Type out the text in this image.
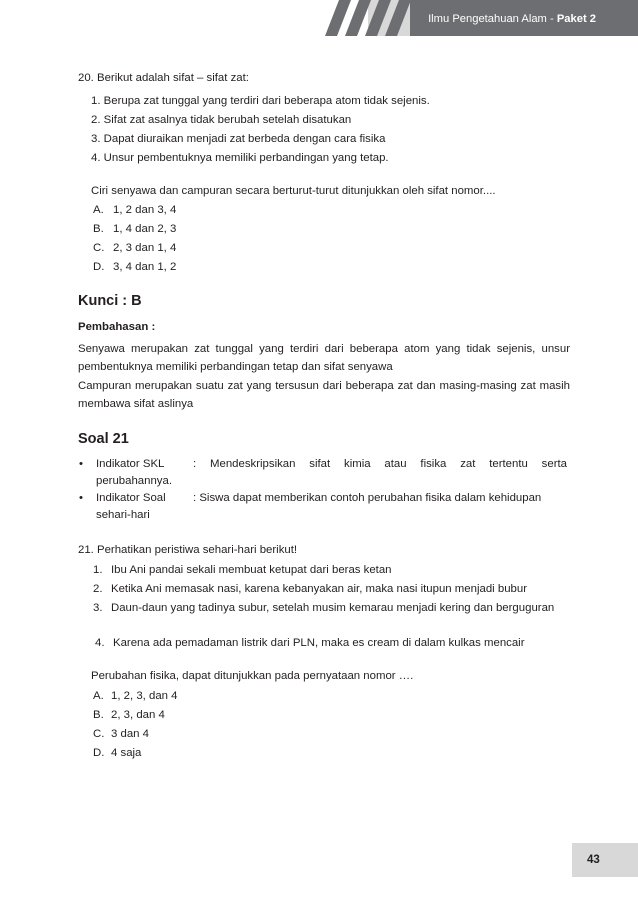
Ilmu Pengetahuan Alam - Paket 2
20. Berikut adalah sifat – sifat zat:
1. Berupa zat tunggal yang terdiri dari beberapa atom tidak sejenis.
2. Sifat zat asalnya tidak berubah setelah disatukan
3. Dapat diuraikan menjadi zat berbeda dengan cara fisika
4. Unsur pembentuknya memiliki perbandingan yang tetap.
Ciri senyawa dan campuran secara berturut-turut ditunjukkan oleh sifat nomor....
A. 1, 2 dan 3, 4
B. 1, 4 dan 2, 3
C. 2, 3 dan 1, 4
D. 3, 4 dan 1, 2
Kunci : B
Pembahasan :
Senyawa merupakan zat tunggal yang terdiri dari beberapa atom yang tidak sejenis, unsur pembentuknya memiliki perbandingan tetap dan sifat senyawa
Campuran merupakan suatu zat yang tersusun dari beberapa zat dan masing-masing zat masih membawa sifat aslinya
Soal 21
• Indikator SKL	: Mendeskripsikan sifat kimia atau fisika zat tertentu serta
perubahannya.
• Indikator Soal : Siswa dapat memberikan contoh perubahan fisika dalam kehidupan
sehari-hari
21. Perhatikan peristiwa sehari-hari berikut!
1. Ibu Ani pandai sekali membuat ketupat dari beras ketan
2. Ketika Ani memasak nasi, karena kebanyakan air, maka nasi itupun menjadi bubur
3. Daun-daun yang tadinya subur, setelah musim kemarau menjadi kering dan berguguran
4. Karena ada pemadaman listrik dari PLN, maka es cream di dalam kulkas mencair
Perubahan fisika, dapat ditunjukkan pada pernyataan nomor ….
A. 1, 2, 3, dan 4
B. 2, 3, dan 4
C. 3 dan 4
D. 4 saja
43
